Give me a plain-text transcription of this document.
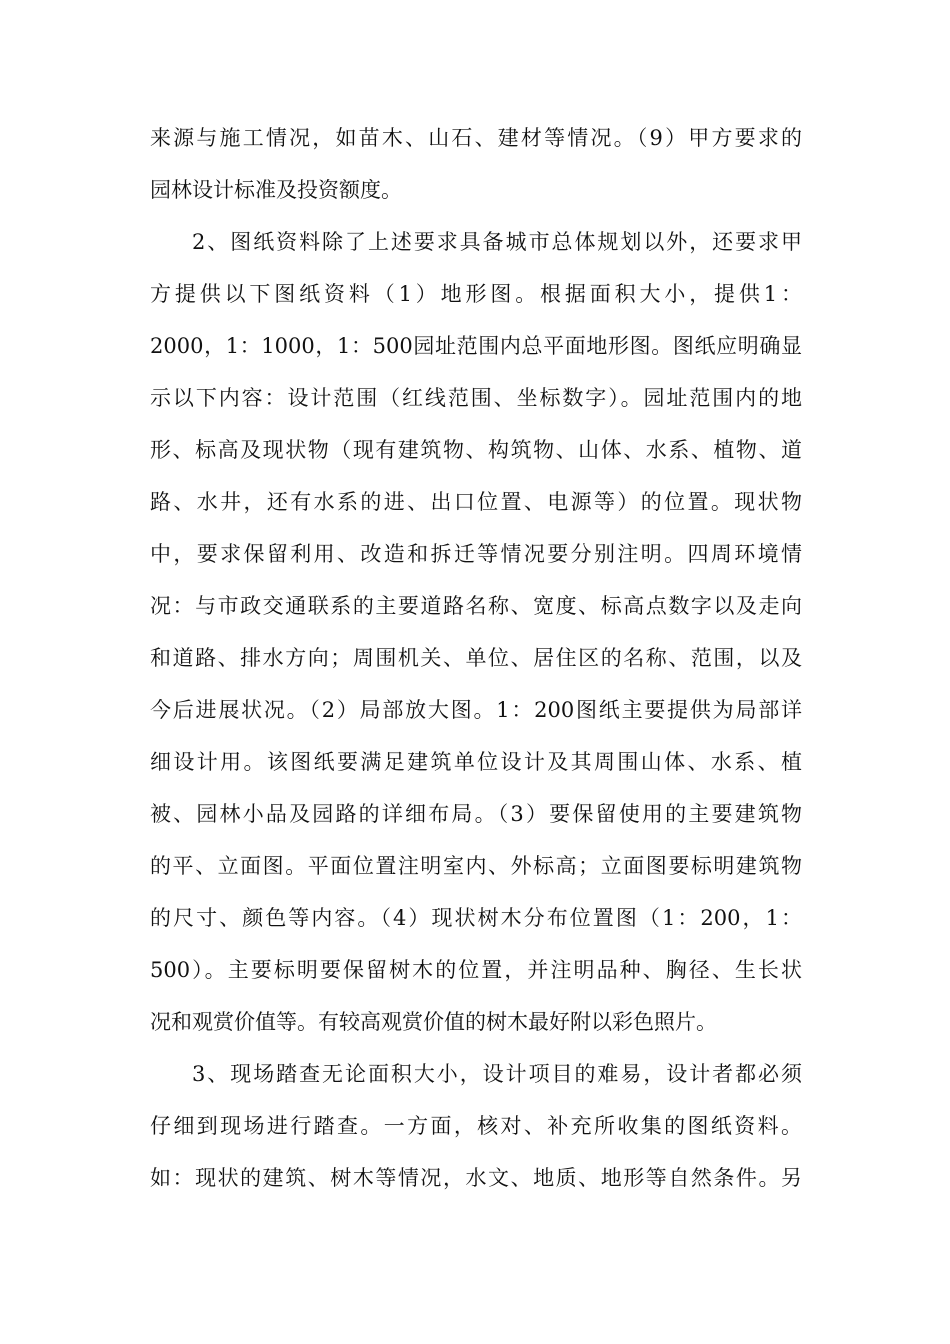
来源与施工情况，如苗木、山石、建材等情况。（9）甲方要求的
园林设计标准及投资额度。
2、图纸资料除了上述要求具备城市总体规划以外，还要求甲
方提供以下图纸资料（1）地形图。根据面积大小，提供1：
2000，1：1000，1：500园址范围内总平面地形图。图纸应明确显
示以下内容：设计范围（红线范围、坐标数字）。园址范围内的地
形、标高及现状物（现有建筑物、构筑物、山体、水系、植物、道
路、水井，还有水系的进、出口位置、电源等）的位置。现状物
中，要求保留利用、改造和拆迁等情况要分别注明。四周环境情
况：与市政交通联系的主要道路名称、宽度、标高点数字以及走向
和道路、排水方向；周围机关、单位、居住区的名称、范围，以及
今后进展状况。（2）局部放大图。1：200图纸主要提供为局部详
细设计用。该图纸要满足建筑单位设计及其周围山体、水系、植
被、园林小品及园路的详细布局。（3）要保留使用的主要建筑物
的平、立面图。平面位置注明室内、外标高；立面图要标明建筑物
的尺寸、颜色等内容。（4）现状树木分布位置图（1：200，1：
500）。主要标明要保留树木的位置，并注明品种、胸径、生长状
况和观赏价值等。有较高观赏价值的树木最好附以彩色照片。
3、现场踏查无论面积大小，设计项目的难易，设计者都必须
仔细到现场进行踏查。一方面，核对、补充所收集的图纸资料。
如：现状的建筑、树木等情况，水文、地质、地形等自然条件。另
